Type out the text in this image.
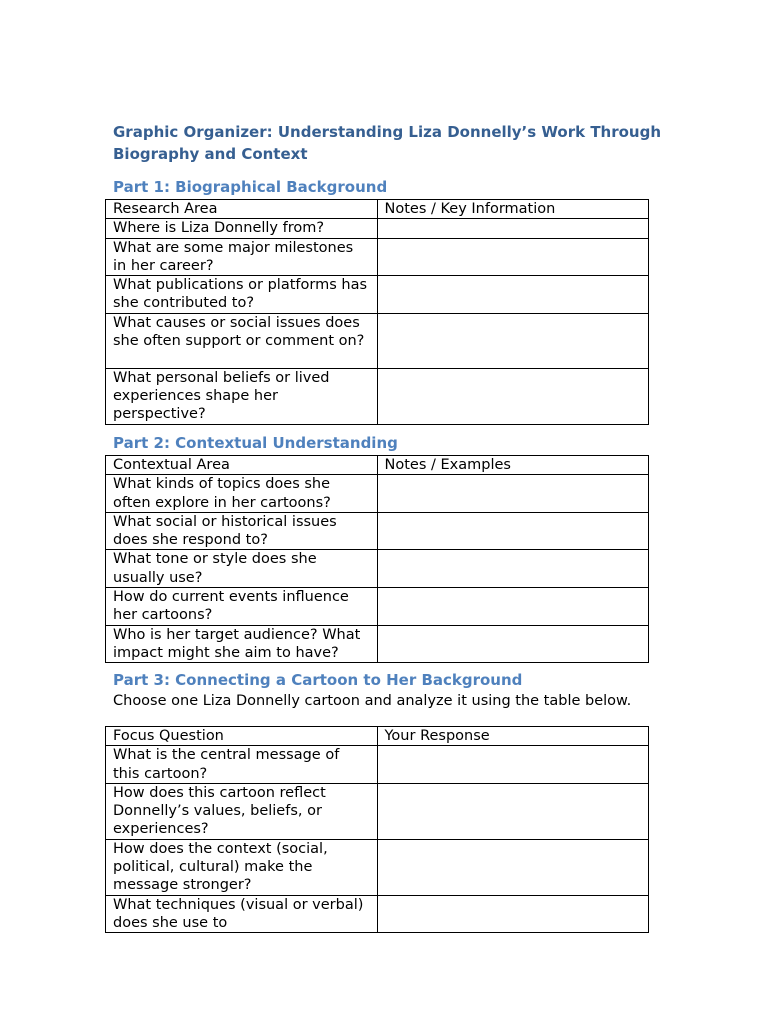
Graphic Organizer: Understanding Liza Donnelly’s Work Through Biography and Context

Part 1: Biographical Background

Research Area	Notes / Key Information
Where is Liza Donnelly from?	
What are some major milestones in her career?	
What publications or platforms has she contributed to?	
What causes or social issues does she often support or comment on?	
What personal beliefs or lived experiences shape her perspective?	

Part 2: Contextual Understanding

Contextual Area	Notes / Examples
What kinds of topics does she often explore in her cartoons?	
What social or historical issues does she respond to?	
What tone or style does she usually use?	
How do current events influence her cartoons?	
Who is her target audience? What impact might she aim to have?	

Part 3: Connecting a Cartoon to Her Background

Choose one Liza Donnelly cartoon and analyze it using the table below.

Focus Question	Your Response
What is the central message of this cartoon?	
How does this cartoon reflect Donnelly’s values, beliefs, or experiences?	
How does the context (social, political, cultural) make the message stronger?	
What techniques (visual or verbal) does she use to	
